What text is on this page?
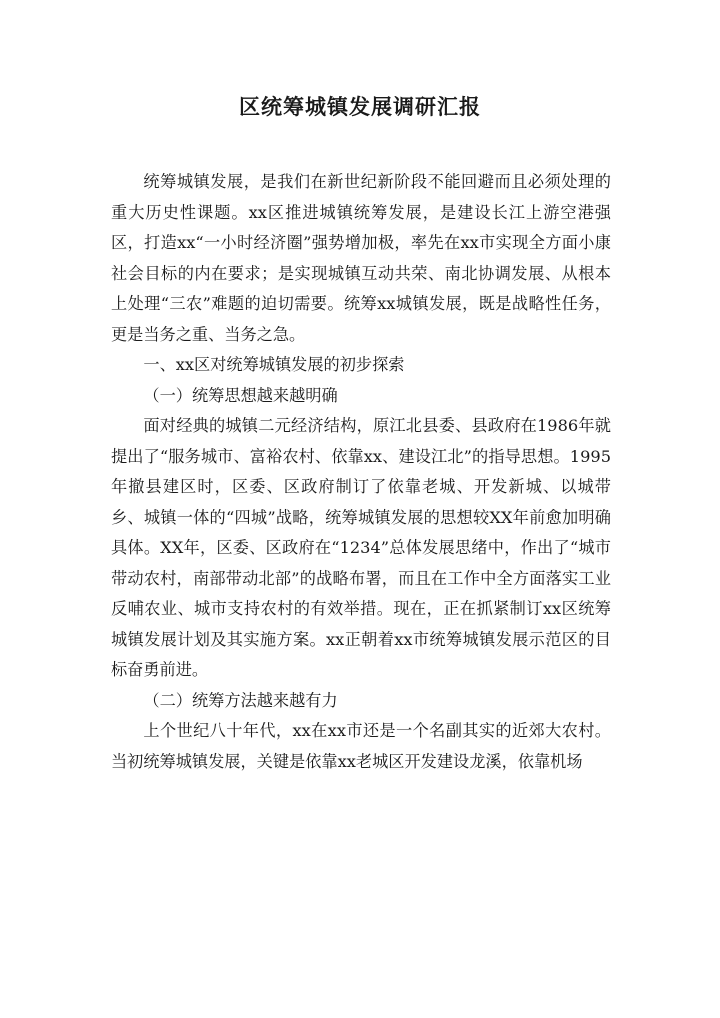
区统筹城镇发展调研汇报

统筹城镇发展，是我们在新世纪新阶段不能回避而且必须处理的重大历史性课题。xx区推进城镇统筹发展，是建设长江上游空港强区，打造xx“一小时经济圈”强势增加极，率先在xx市实现全方面小康社会目标的内在要求；是实现城镇互动共荣、南北协调发展、从根本上处理“三农”难题的迫切需要。统筹xx城镇发展，既是战略性任务，更是当务之重、当务之急。

一、xx区对统筹城镇发展的初步探索

（一）统筹思想越来越明确

面对经典的城镇二元经济结构，原江北县委、县政府在1986年就提出了“服务城市、富裕农村、依靠xx、建设江北”的指导思想。1995年撤县建区时，区委、区政府制订了依靠老城、开发新城、以城带乡、城镇一体的“四城”战略，统筹城镇发展的思想较XX年前愈加明确具体。XX年，区委、区政府在“1234”总体发展思绪中，作出了“城市带动农村，南部带动北部”的战略布署，而且在工作中全方面落实工业反哺农业、城市支持农村的有效举措。现在，正在抓紧制订xx区统筹城镇发展计划及其实施方案。xx正朝着xx市统筹城镇发展示范区的目标奋勇前进。

（二）统筹方法越来越有力

上个世纪八十年代，xx在xx市还是一个名副其实的近郊大农村。当初统筹城镇发展，关键是依靠xx老城区开发建设龙溪，依靠机场
